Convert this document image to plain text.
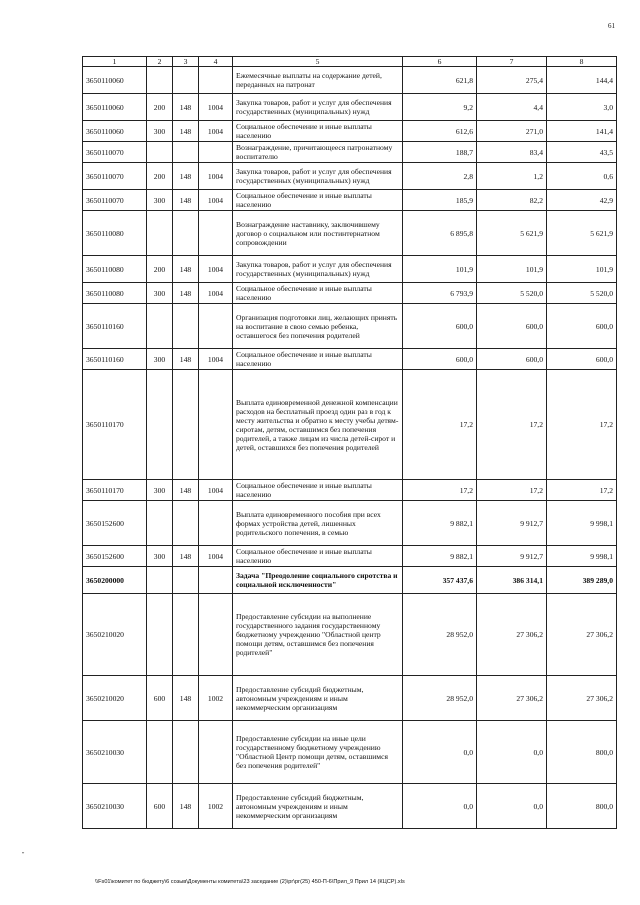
61
1	2	3	4	5	6	7	8
3650110060				Ежемесячные выплаты на содержание детей, переданных на патронат	621,8	275,4	144,4
3650110060	200	148	1004	Закупка товаров, работ и услуг для обеспечения государственных (муниципальных) нужд	9,2	4,4	3,0
3650110060	300	148	1004	Социальное обеспечение и иные выплаты населению	612,6	271,0	141,4
3650110070				Вознаграждение, причитающееся патронатному воспитателю	188,7	83,4	43,5
3650110070	200	148	1004	Закупка товаров, работ и услуг для обеспечения государственных (муниципальных) нужд	2,8	1,2	0,6
3650110070	300	148	1004	Социальное обеспечение и иные выплаты населению	185,9	82,2	42,9
3650110080				Вознаграждение наставнику, заключившему договор о социальном или постинтернатном сопровождении	6 895,8	5 621,9	5 621,9
3650110080	200	148	1004	Закупка товаров, работ и услуг для обеспечения государственных (муниципальных) нужд	101,9	101,9	101,9
3650110080	300	148	1004	Социальное обеспечение и иные выплаты населению	6 793,9	5 520,0	5 520,0
3650110160				Организация подготовки лиц, желающих принять на воспитание в свою семью ребенка, оставшегося без попечения родителей	600,0	600,0	600,0
3650110160	300	148	1004	Социальное обеспечение и иные выплаты населению	600,0	600,0	600,0
3650110170				Выплата единовременной денежной компенсации расходов на бесплатный проезд один раз в год к месту жительства и обратно к месту учебы детям-сиротам, детям, оставшимся без попечения родителей, а также лицам из числа детей-сирот и детей, оставшихся без попечения родителей	17,2	17,2	17,2
3650110170	300	148	1004	Социальное обеспечение и иные выплаты населению	17,2	17,2	17,2
3650152600				Выплата единовременного пособия при всех формах устройства детей, лишенных родительского попечения, в семью	9 882,1	9 912,7	9 998,1
3650152600	300	148	1004	Социальное обеспечение и иные выплаты населению	9 882,1	9 912,7	9 998,1
3650200000				Задача "Преодоление социального сиротства и социальной исключенности"	357 437,6	386 314,1	389 289,0
3650210020				Предоставление субсидии на выполнение государственного задания государственному бюджетному учреждению "Областной центр помощи детям, оставшимся без попечения родителей"	28 952,0	27 306,2	27 306,2
3650210020	600	148	1002	Предоставление субсидий бюджетным, автономным учреждениям и иным некоммерческим организациям	28 952,0	27 306,2	27 306,2
3650210030				Предоставление субсидии на иные цели государственному бюджетному учреждению "Областной Центр помощи детям, оставшимся без попечения родителей"	0,0	0,0	800,0
3650210030	600	148	1002	Предоставление субсидий бюджетным, автономным учреждениям и иным некоммерческим организациям	0,0	0,0	800,0
"
\\Fs01\комитет по бюджету\6 созыв\Документы комитета\23 заседание (2)\рг\рг(25) 450-П-6\Прил_9 Прил 14 (КЦСР).xls
